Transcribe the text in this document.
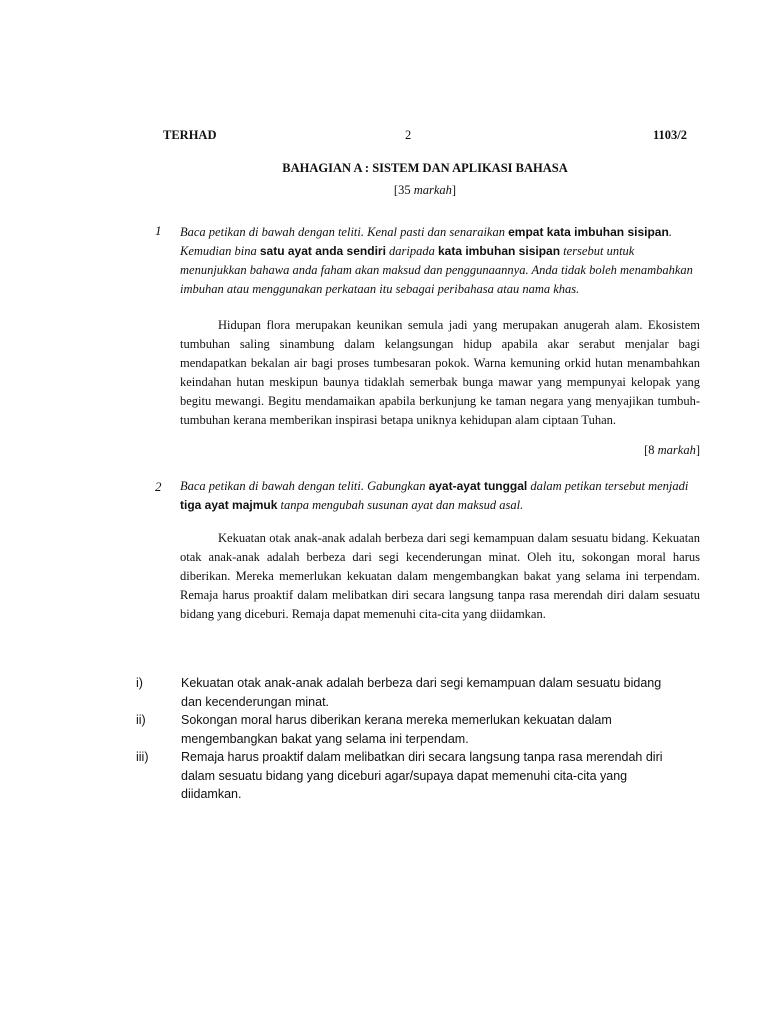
TERHAD	2	1103/2
BAHAGIAN A : SISTEM DAN APLIKASI BAHASA
[35 markah]
1 Baca petikan di bawah dengan teliti. Kenal pasti dan senaraikan empat kata imbuhan sisipan. Kemudian bina satu ayat anda sendiri daripada kata imbuhan sisipan tersebut untuk menunjukkan bahawa anda faham akan maksud dan penggunaannya. Anda tidak boleh menambahkan imbuhan atau menggunakan perkataan itu sebagai peribahasa atau nama khas.
Hidupan flora merupakan keunikan semula jadi yang merupakan anugerah alam. Ekosistem tumbuhan saling sinambung dalam kelangsungan hidup apabila akar serabut menjalar bagi mendapatkan bekalan air bagi proses tumbesaran pokok. Warna kemuning orkid hutan menambahkan keindahan hutan meskipun baunya tidaklah semerbak bunga mawar yang mempunyai kelopak yang begitu mewangi. Begitu mendamaikan apabila berkunjung ke taman negara yang menyajikan tumbuh-tumbuhan kerana memberikan inspirasi betapa uniknya kehidupan alam ciptaan Tuhan.
[8 markah]
2 Baca petikan di bawah dengan teliti. Gabungkan ayat-ayat tunggal dalam petikan tersebut menjadi tiga ayat majmuk tanpa mengubah susunan ayat dan maksud asal.
Kekuatan otak anak-anak adalah berbeza dari segi kemampuan dalam sesuatu bidang. Kekuatan otak anak-anak adalah berbeza dari segi kecenderungan minat. Oleh itu, sokongan moral harus diberikan. Mereka memerlukan kekuatan dalam mengembangkan bakat yang selama ini terpendam. Remaja harus proaktif dalam melibatkan diri secara langsung tanpa rasa merendah diri dalam sesuatu bidang yang diceburi. Remaja dapat memenuhi cita-cita yang diidamkan.
i)	Kekuatan otak anak-anak adalah berbeza dari segi kemampuan dalam sesuatu bidang dan kecenderungan minat.
ii)	Sokongan moral harus diberikan kerana mereka memerlukan kekuatan dalam mengembangkan bakat yang selama ini terpendam.
iii)	Remaja harus proaktif dalam melibatkan diri secara langsung tanpa rasa merendah diri dalam sesuatu bidang yang diceburi agar/supaya dapat memenuhi cita-cita yang diidamkan.
